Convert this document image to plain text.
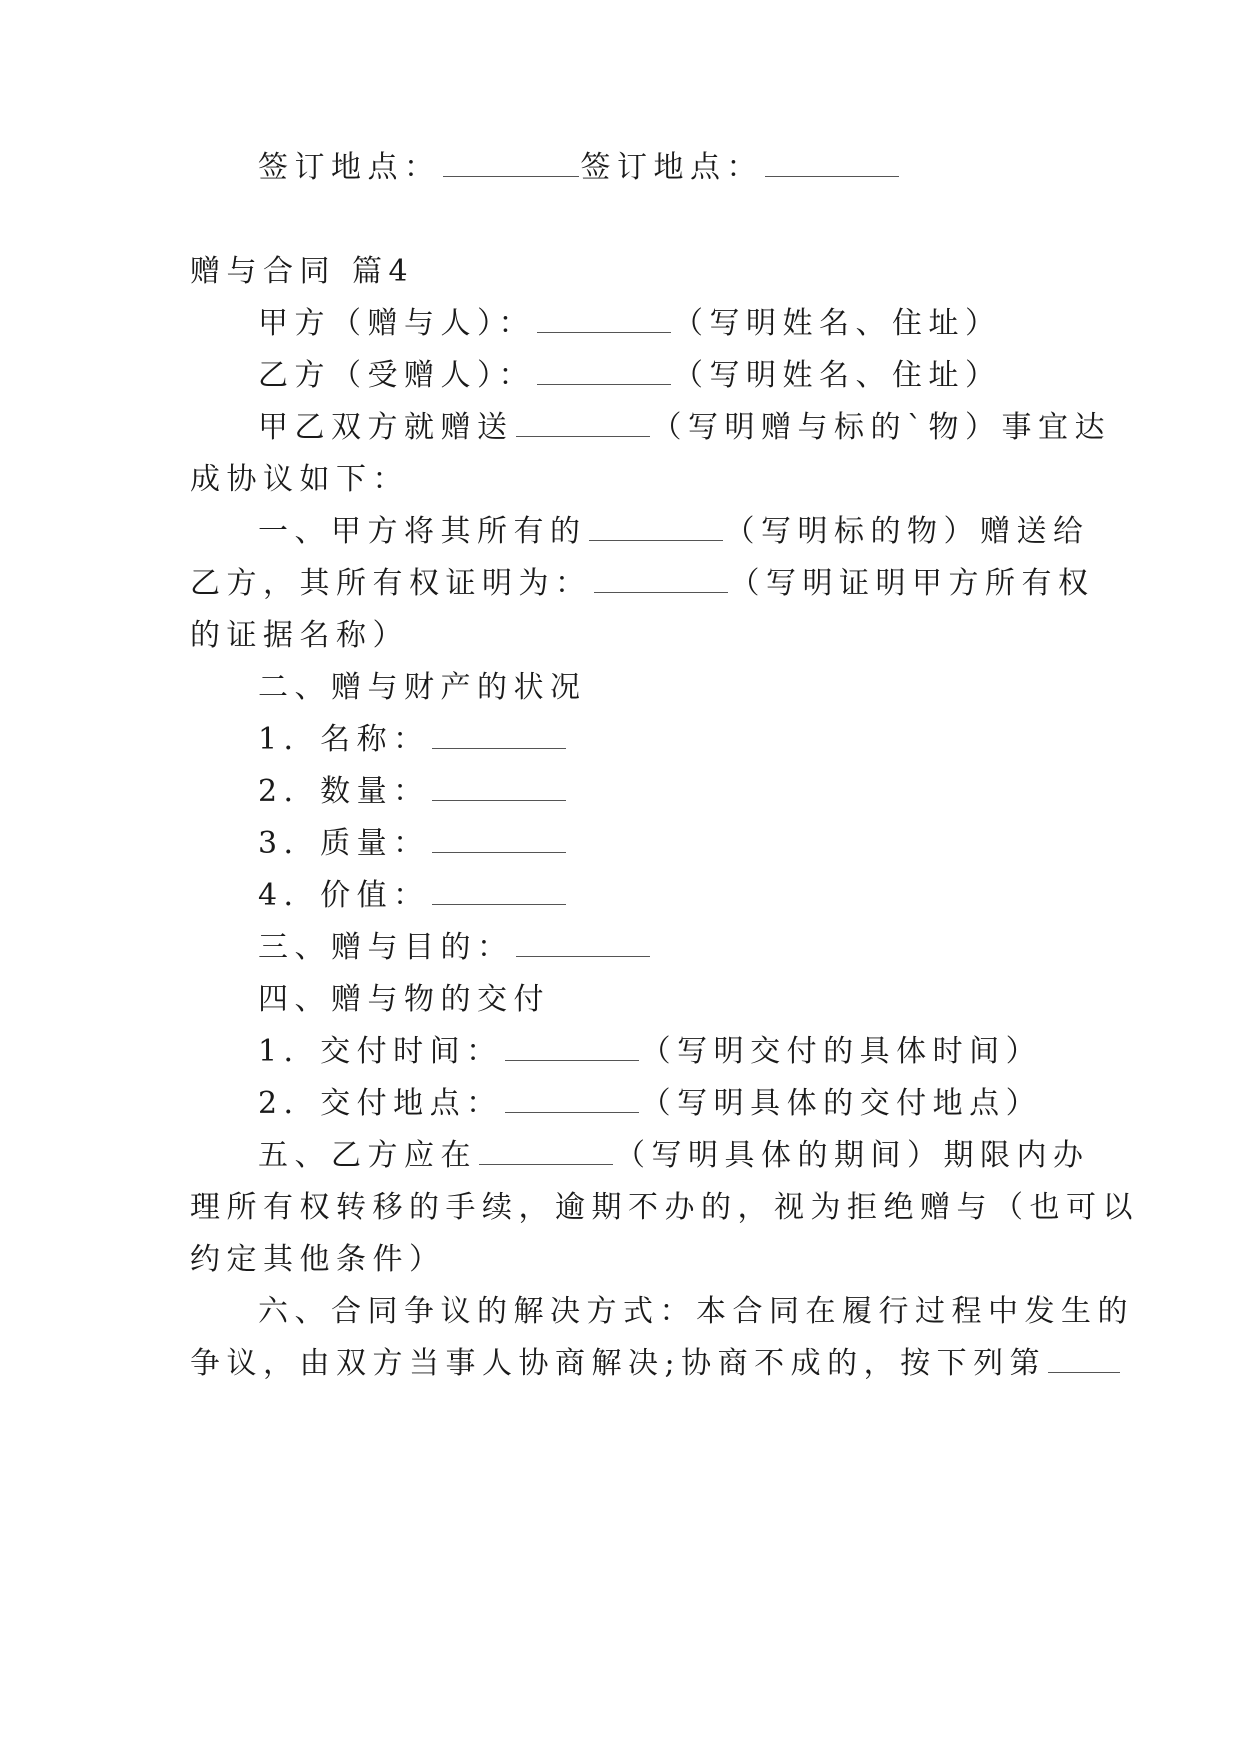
签订地点：	签订地点：
赠与合同 篇4
甲方（赠与人）：	（写明姓名、住址）
乙方（受赠人）：	（写明姓名、住址）
甲乙双方就赠送	（写明赠与标的`物）事宜达
成协议如下：
一、甲方将其所有的	（写明标的物）赠送给
乙方，其所有权证明为：	（写明证明甲方所有权
的证据名称）
二、赠与财产的状况
1．名称：
2．数量：
3．质量：
4．价值：
三、赠与目的：
四、赠与物的交付
1．交付时间：	（写明交付的具体时间）
2．交付地点：	（写明具体的交付地点）
五、乙方应在	（写明具体的期间）期限内办
理所有权转移的手续，逾期不办的，视为拒绝赠与（也可以
约定其他条件）
六、合同争议的解决方式：本合同在履行过程中发生的
争议，由双方当事人协商解决;协商不成的，按下列第
